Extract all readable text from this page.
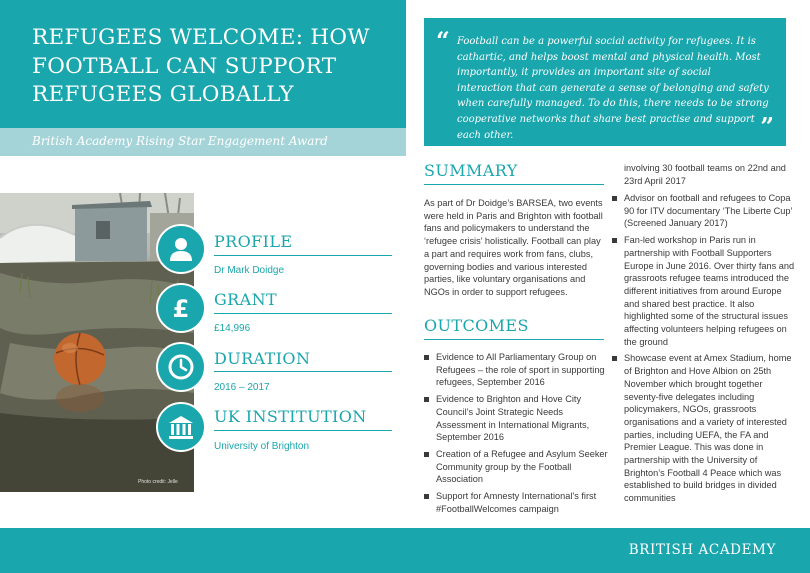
REFUGEES WELCOME: HOW
FOOTBALL CAN SUPPORT
REFUGEES GLOBALLY
British Academy Rising Star Engagement Award
Photo credit: Jelle
PROFILE
Dr Mark Doidge
£ GRANT
£14,996
DURATION
2016 – 2017
UK INSTITUTION
University of Brighton
“ Football can be a powerful social activity for refugees. It is cathartic, and helps boost mental and physical health. Most importantly, it provides an important site of social interaction that can generate a sense of belonging and safety when carefully managed. To do this, there needs to be strong cooperative networks that share best practise and support each other.	”
SUMMARY
As part of Dr Doidge’s BARSEA, two events were held in Paris and Brighton with football fans and policymakers to understand the ‘refugee crisis’ holistically. Football can play a part and requires work from fans, clubs, governing bodies and various interested parties, like voluntary organisations and NGOs in order to support refugees.
OUTCOMES
Evidence to All Parliamentary Group on Refugees – the role of sport in supporting refugees, September 2016
Evidence to Brighton and Hove City Council’s Joint Strategic Needs Assessment in International Migrants, September 2016
Creation of a Refugee and Asylum Seeker Community group by the Football Association
Support for Amnesty International’s first #FootballWelcomes campaign
involving 30 football teams on 22nd and 23rd April 2017
Advisor on football and refugees to Copa 90 for ITV documentary ‘The Liberte Cup’ (Screened January 2017)
Fan-led workshop in Paris run in partnership with Football Supporters Europe in June 2016. Over thirty fans and grassroots refugee teams introduced the different initiatives from around Europe and shared best practice. It also highlighted some of the structural issues affecting volunteers helping refugees on the ground
Showcase event at Amex Stadium, home of Brighton and Hove Albion on 25th November which brought together seventy-five delegates including policymakers, NGOs, grassroots organisations and a variety of interested parties, including UEFA, the FA and Premier League. This was done in partnership with the University of Brighton’s Football 4 Peace which was established to build bridges in divided communities
BRITISH ACADEMY
